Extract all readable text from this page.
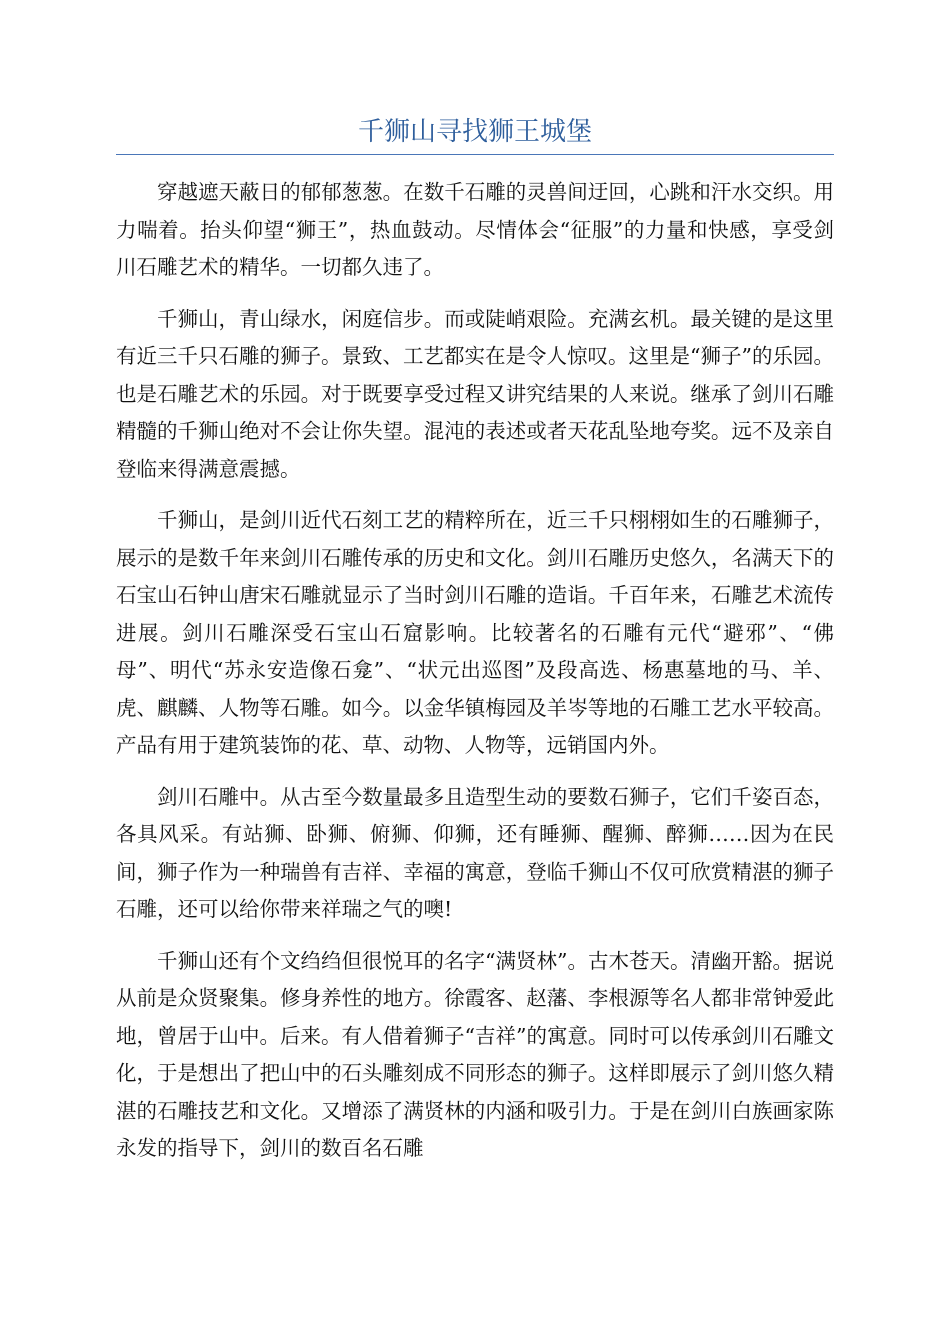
千狮山寻找狮王城堡

穿越遮天蔽日的郁郁葱葱。在数千石雕的灵兽间迂回，心跳和汗水交织。用力喘着。抬头仰望“狮王”，热血鼓动。尽情体会“征服”的力量和快感，享受剑川石雕艺术的精华。一切都久违了。

千狮山，青山绿水，闲庭信步。而或陡峭艰险。充满玄机。最关键的是这里有近三千只石雕的狮子。景致、工艺都实在是令人惊叹。这里是“狮子”的乐园。也是石雕艺术的乐园。对于既要享受过程又讲究结果的人来说。继承了剑川石雕精髓的千狮山绝对不会让你失望。混沌的表述或者天花乱坠地夸奖。远不及亲自登临来得满意震撼。

千狮山，是剑川近代石刻工艺的精粹所在，近三千只栩栩如生的石雕狮子，展示的是数千年来剑川石雕传承的历史和文化。剑川石雕历史悠久，名满天下的石宝山石钟山唐宋石雕就显示了当时剑川石雕的造诣。千百年来，石雕艺术流传进展。剑川石雕深受石宝山石窟影响。比较著名的石雕有元代“避邪”、“佛母”、明代“苏永安造像石龛”、“状元出巡图”及段高选、杨惠墓地的马、羊、虎、麒麟、人物等石雕。如今。以金华镇梅园及羊岑等地的石雕工艺水平较高。产品有用于建筑装饰的花、草、动物、人物等，远销国内外。

剑川石雕中。从古至今数量最多且造型生动的要数石狮子，它们千姿百态，各具风采。有站狮、卧狮、俯狮、仰狮，还有睡狮、醒狮、醉狮……因为在民间，狮子作为一种瑞兽有吉祥、幸福的寓意，登临千狮山不仅可欣赏精湛的狮子石雕，还可以给你带来祥瑞之气的噢!

千狮山还有个文绉绉但很悦耳的名字“满贤林”。古木苍天。清幽开豁。据说从前是众贤聚集。修身养性的地方。徐霞客、赵藩、李根源等名人都非常钟爱此地，曾居于山中。后来。有人借着狮子“吉祥”的寓意。同时可以传承剑川石雕文化，于是想出了把山中的石头雕刻成不同形态的狮子。这样即展示了剑川悠久精湛的石雕技艺和文化。又增添了满贤林的内涵和吸引力。于是在剑川白族画家陈永发的指导下，剑川的数百名石雕
